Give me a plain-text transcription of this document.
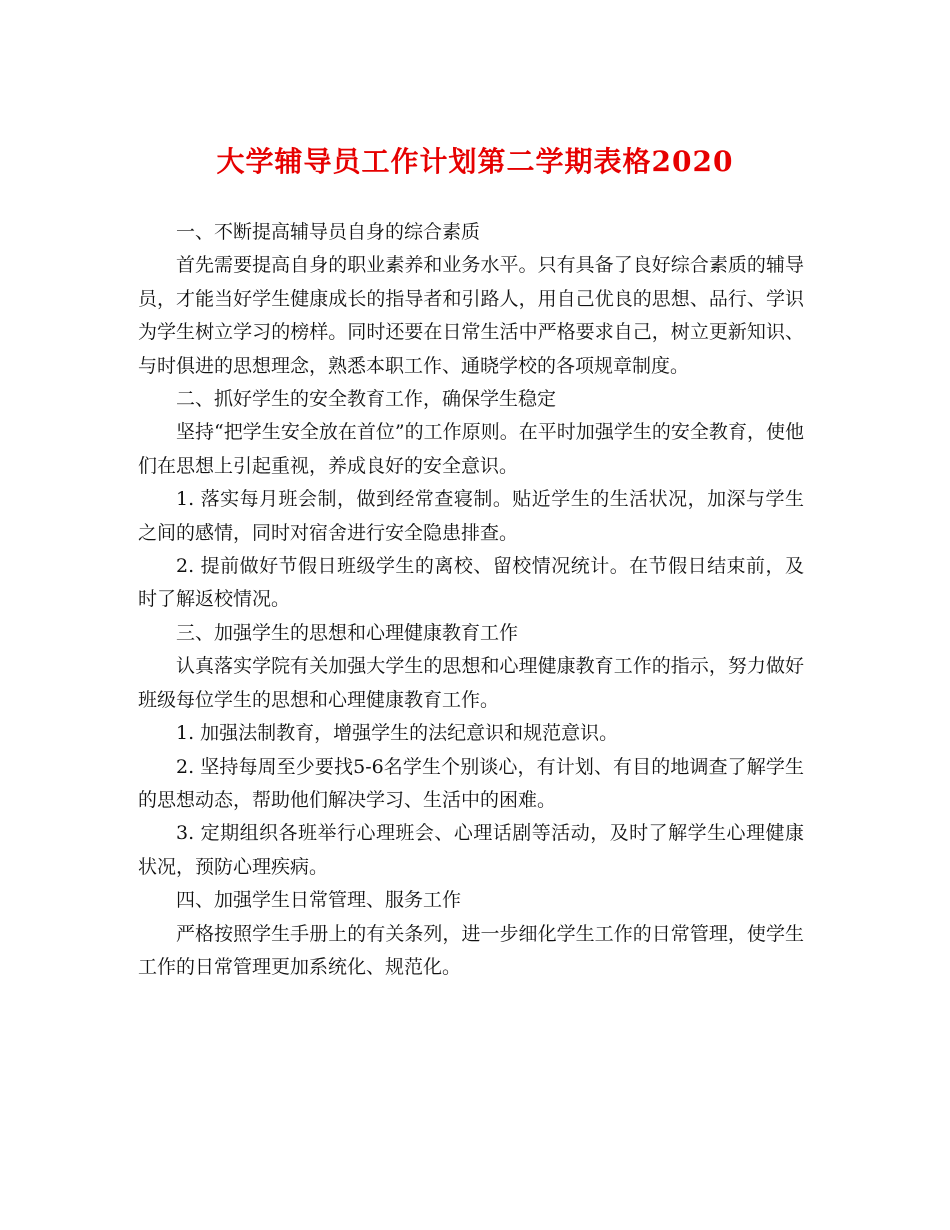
大学辅导员工作计划第二学期表格2020

一、不断提高辅导员自身的综合素质

首先需要提高自身的职业素养和业务水平。只有具备了良好综合素质的辅导员，才能当好学生健康成长的指导者和引路人，用自己优良的思想、品行、学识为学生树立学习的榜样。同时还要在日常生活中严格要求自己，树立更新知识、与时俱进的思想理念，熟悉本职工作、通晓学校的各项规章制度。

二、抓好学生的安全教育工作，确保学生稳定

坚持“把学生安全放在首位”的工作原则。在平时加强学生的安全教育，使他们在思想上引起重视，养成良好的安全意识。

1. 落实每月班会制，做到经常查寝制。贴近学生的生活状况，加深与学生之间的感情，同时对宿舍进行安全隐患排查。

2. 提前做好节假日班级学生的离校、留校情况统计。在节假日结束前，及时了解返校情况。

三、加强学生的思想和心理健康教育工作

认真落实学院有关加强大学生的思想和心理健康教育工作的指示，努力做好班级每位学生的思想和心理健康教育工作。

1. 加强法制教育，增强学生的法纪意识和规范意识。

2. 坚持每周至少要找5-6名学生个别谈心，有计划、有目的地调查了解学生的思想动态，帮助他们解决学习、生活中的困难。

3. 定期组织各班举行心理班会、心理话剧等活动，及时了解学生心理健康状况，预防心理疾病。

四、加强学生日常管理、服务工作

严格按照学生手册上的有关条列，进一步细化学生工作的日常管理，使学生工作的日常管理更加系统化、规范化。
